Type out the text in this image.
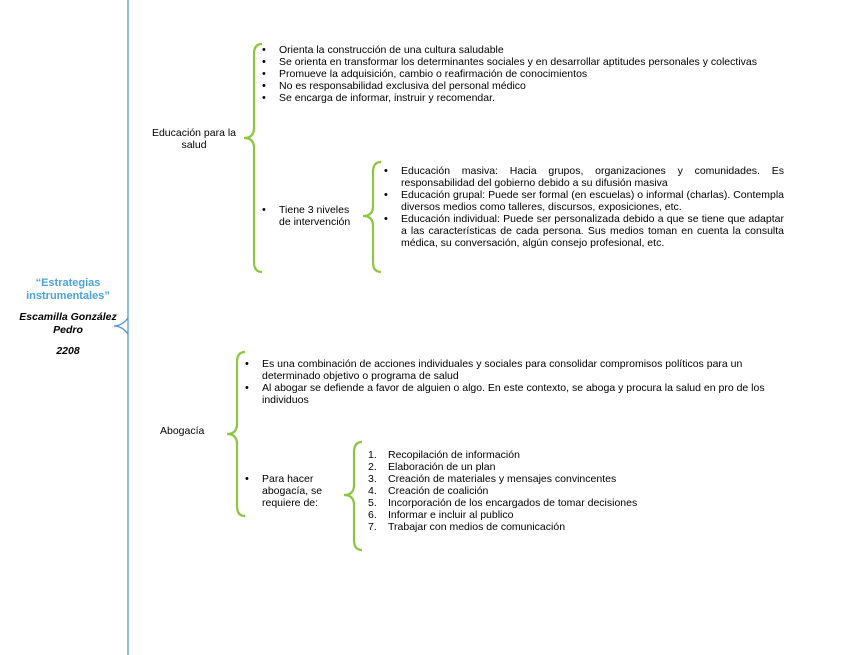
“Estrategias instrumentales”
Escamilla González Pedro
2208
Educación para la salud
• Orienta la construcción de una cultura saludable
• Se orienta en transformar los determinantes sociales y en desarrollar aptitudes personales y colectivas
• Promueve la adquisición, cambio o reafirmación de conocimientos
• No es responsabilidad exclusiva del personal médico
• Se encarga de informar, instruir y recomendar.
• Tiene 3 niveles de intervención
• Educación masiva: Hacia grupos, organizaciones y comunidades. Es responsabilidad del gobierno debido a su difusión masiva
• Educación grupal: Puede ser formal (en escuelas) o informal (charlas). Contempla diversos medios como talleres, discursos, exposiciones, etc.
• Educación individual: Puede ser personalizada debido a que se tiene que adaptar a las características de cada persona. Sus medios toman en cuenta la consulta médica, su conversación, algún consejo profesional, etc.
Abogacía
• Es una combinación de acciones individuales y sociales para consolidar compromisos políticos para un determinado objetivo o programa de salud
• Al abogar se defiende a favor de alguien o algo. En este contexto, se aboga y procura la salud en pro de los individuos
• Para hacer abogacía, se requiere de:
1. Recopilación de información
2. Elaboración de un plan
3. Creación de materiales y mensajes convincentes
4. Creación de coalición
5. Incorporación de los encargados de tomar decisiones
6. Informar e incluir al publico
7. Trabajar con medios de comunicación
